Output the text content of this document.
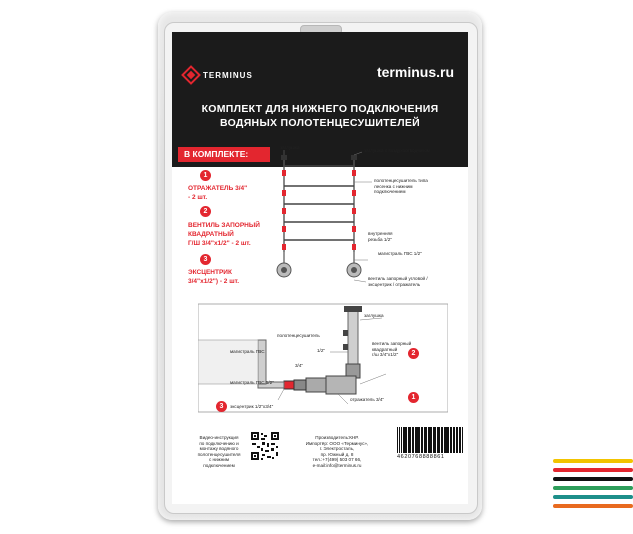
TERMINUS	terminus.ru
КОМПЛЕКТ ДЛЯ НИЖНЕГО ПОДКЛЮЧЕНИЯ
ВОДЯНЫХ ПОЛОТЕНЦЕСУШИТЕЛЕЙ
В КОМПЛЕКТЕ:
1
ОТРАЖАТЕЛЬ 3/4"
- 2 шт.
2
ВЕНТИЛЬ ЗАПОРНЫЙ
КВАДРАТНЫЙ
Г/Ш 3/4"х1/2" - 2 шт.
3
ЭКСЦЕНТРИК
3/4"х1/2") - 2 шт.
заглушка
заглушка с воздухоотводчиком
полотенцесушитель типа
лесенка с нижним
подключением
внутренняя
резьба 1/2"
магистраль ГВС 1/2"
вентиль запорный угловой /
эксцентрик / отражатель
заглушка
полотенцесушитель
1/2"
3/4"
магистраль ГВС
магистраль ГВС 1/2"
вентиль запорный
квадратный
г/ш 3/4"х1/2"	2
отражатель 3/4"	1
3	эксцентрик 1/2"х3/4"
Видео-инструкция
по подключению и
монтажу водяного
полотенцесушителя
с нижним
подключением
Производитель:КНР.
Импортёр: ООО «Терминус»,
г. Электросталь,
пр. Южный д. 8
тел.:+7(499) 503 07 66,
e-mail:info@terminus.ru
4620768888861
